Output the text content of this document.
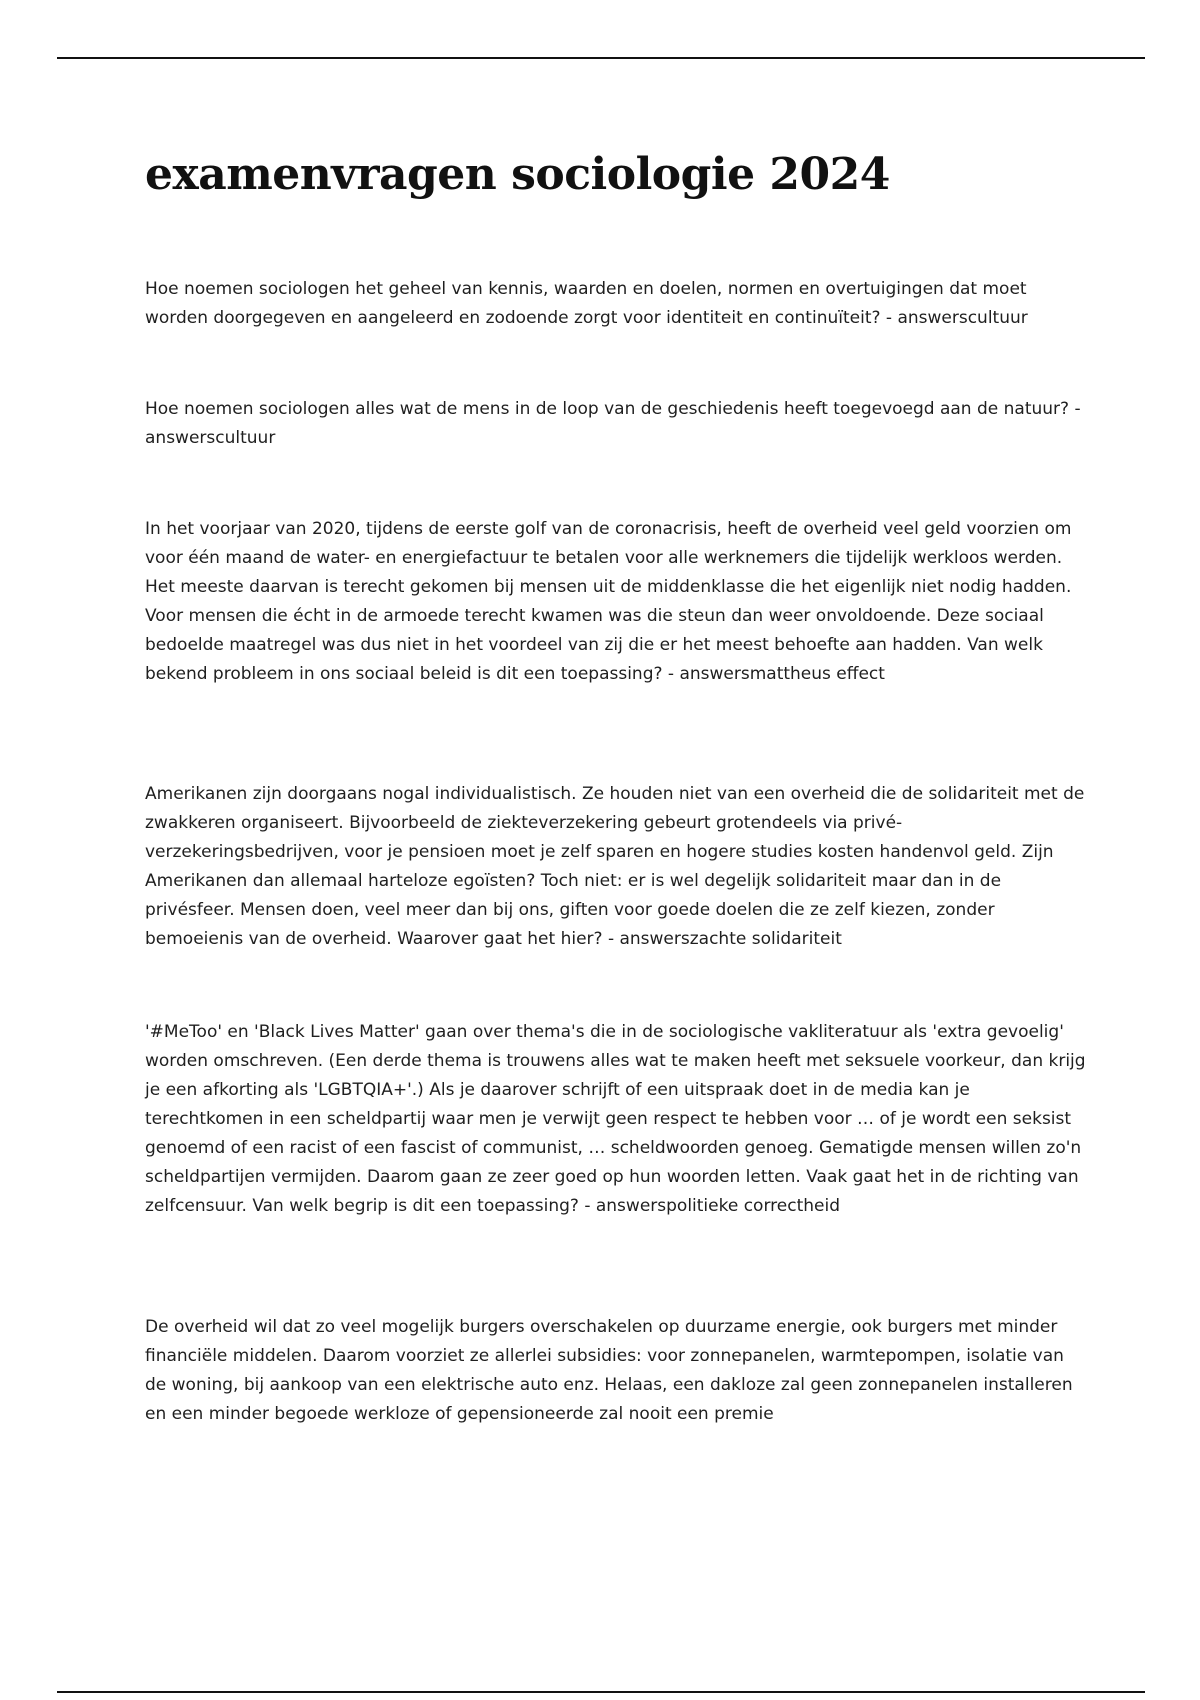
examenvragen sociologie 2024

Hoe noemen sociologen het geheel van kennis, waarden en doelen, normen en overtuigingen dat moet worden doorgegeven en aangeleerd en zodoende zorgt voor identiteit en continuïteit? - answerscultuur

Hoe noemen sociologen alles wat de mens in de loop van de geschiedenis heeft toegevoegd aan de natuur? - answerscultuur

In het voorjaar van 2020, tijdens de eerste golf van de coronacrisis, heeft de overheid veel geld voorzien om voor één maand de water- en energiefactuur te betalen voor alle werknemers die tijdelijk werkloos werden. Het meeste daarvan is terecht gekomen bij mensen uit de middenklasse die het eigenlijk niet nodig hadden. Voor mensen die écht in de armoede terecht kwamen was die steun dan weer onvoldoende. Deze sociaal bedoelde maatregel was dus niet in het voordeel van zij die er het meest behoefte aan hadden. Van welk bekend probleem in ons sociaal beleid is dit een toepassing? - answersmattheus effect

Amerikanen zijn doorgaans nogal individualistisch. Ze houden niet van een overheid die de solidariteit met de zwakkeren organiseert. Bijvoorbeeld de ziekteverzekering gebeurt grotendeels via privé-verzekeringsbedrijven, voor je pensioen moet je zelf sparen en hogere studies kosten handenvol geld. Zijn Amerikanen dan allemaal harteloze egoïsten? Toch niet: er is wel degelijk solidariteit maar dan in de privésfeer. Mensen doen, veel meer dan bij ons, giften voor goede doelen die ze zelf kiezen, zonder bemoeienis van de overheid. Waarover gaat het hier? - answerszachte solidariteit

'#MeToo' en 'Black Lives Matter' gaan over thema's die in de sociologische vakliteratuur als 'extra gevoelig' worden omschreven. (Een derde thema is trouwens alles wat te maken heeft met seksuele voorkeur, dan krijg je een afkorting als 'LGBTQIA+'.) Als je daarover schrijft of een uitspraak doet in de media kan je terechtkomen in een scheldpartij waar men je verwijt geen respect te hebben voor … of je wordt een seksist genoemd of een racist of een fascist of communist, … scheldwoorden genoeg. Gematigde mensen willen zo'n scheldpartijen vermijden. Daarom gaan ze zeer goed op hun woorden letten. Vaak gaat het in de richting van zelfcensuur. Van welk begrip is dit een toepassing? - answerspolitieke correctheid

De overheid wil dat zo veel mogelijk burgers overschakelen op duurzame energie, ook burgers met minder financiële middelen. Daarom voorziet ze allerlei subsidies: voor zonnepanelen, warmtepompen, isolatie van de woning, bij aankoop van een elektrische auto enz. Helaas, een dakloze zal geen zonnepanelen installeren en een minder begoede werkloze of gepensioneerde zal nooit een premie
